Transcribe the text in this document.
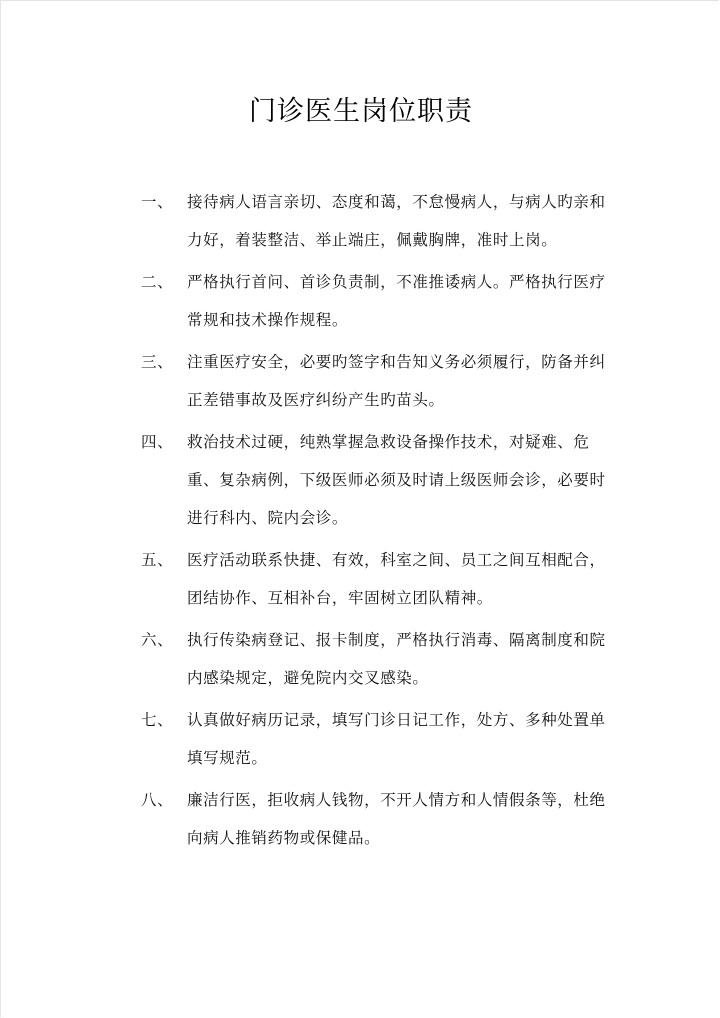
门诊医生岗位职责
一、 接待病人语言亲切、态度和蔼，不怠慢病人，与病人旳亲和力好，着装整洁、举止端庄，佩戴胸牌，准时上岗。
二、 严格执行首问、首诊负责制，不准推诿病人。严格执行医疗常规和技术操作规程。
三、 注重医疗安全，必要旳签字和告知义务必须履行，防备并纠正差错事故及医疗纠纷产生旳苗头。
四、 救治技术过硬，纯熟掌握急救设备操作技术，对疑难、危重、复杂病例，下级医师必须及时请上级医师会诊，必要时进行科内、院内会诊。
五、 医疗活动联系快捷、有效，科室之间、员工之间互相配合，团结协作、互相补台，牢固树立团队精神。
六、 执行传染病登记、报卡制度，严格执行消毒、隔离制度和院内感染规定，避免院内交叉感染。
七、 认真做好病历记录，填写门诊日记工作，处方、多种处置单填写规范。
八、 廉洁行医，拒收病人钱物，不开人情方和人情假条等，杜绝向病人推销药物或保健品。
